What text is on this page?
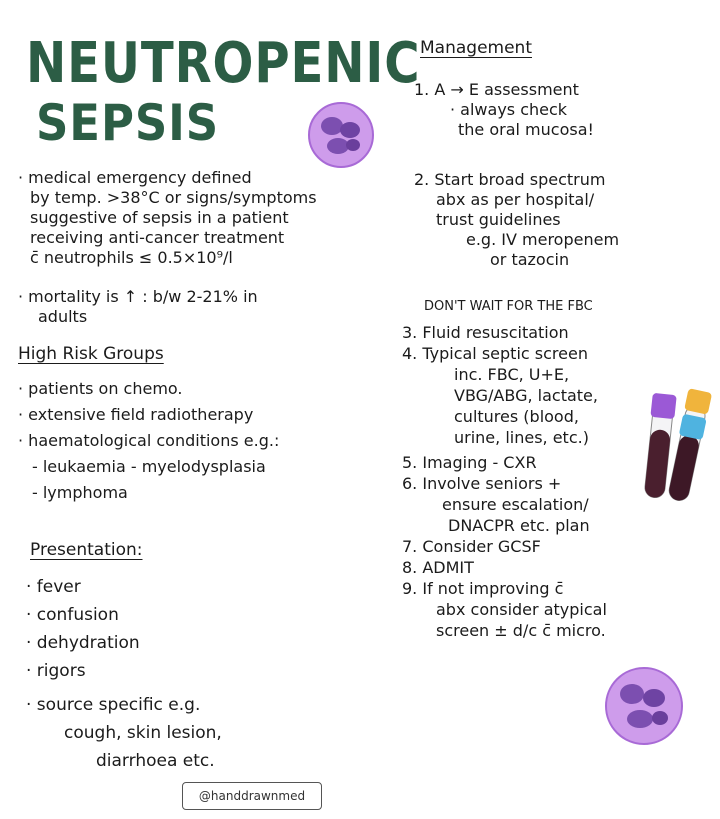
NEUTROPENIC
SEPSIS
· medical emergency defined
by temp. >38°C or signs/symptoms
suggestive of sepsis in a patient
receiving anti-cancer treatment
c̄ neutrophils ≤ 0.5×10⁹/l
· mortality is ↑ : b/w 2-21% in
adults
High Risk Groups
· patients on chemo.
· extensive field radiotherapy
· haematological conditions e.g.:
- leukaemia - myelodysplasia
- lymphoma
Presentation:
· fever
· confusion
· dehydration
· rigors
· source specific e.g.
cough, skin lesion,
diarrhoea etc.
Management
1. A → E assessment
· always check
the oral mucosa!
2. Start broad spectrum
abx as per hospital/
trust guidelines
e.g. IV meropenem
or tazocin
DON'T WAIT FOR THE FBC
3. Fluid resuscitation
4. Typical septic screen
inc. FBC, U+E,
VBG/ABG, lactate,
cultures (blood,
urine, lines, etc.)
5. Imaging - CXR
6. Involve seniors +
ensure escalation/
DNACPR etc. plan
7. Consider GCSF
8. ADMIT
9. If not improving c̄
abx consider atypical
screen ± d/c c̄ micro.
@handdrawnmed
